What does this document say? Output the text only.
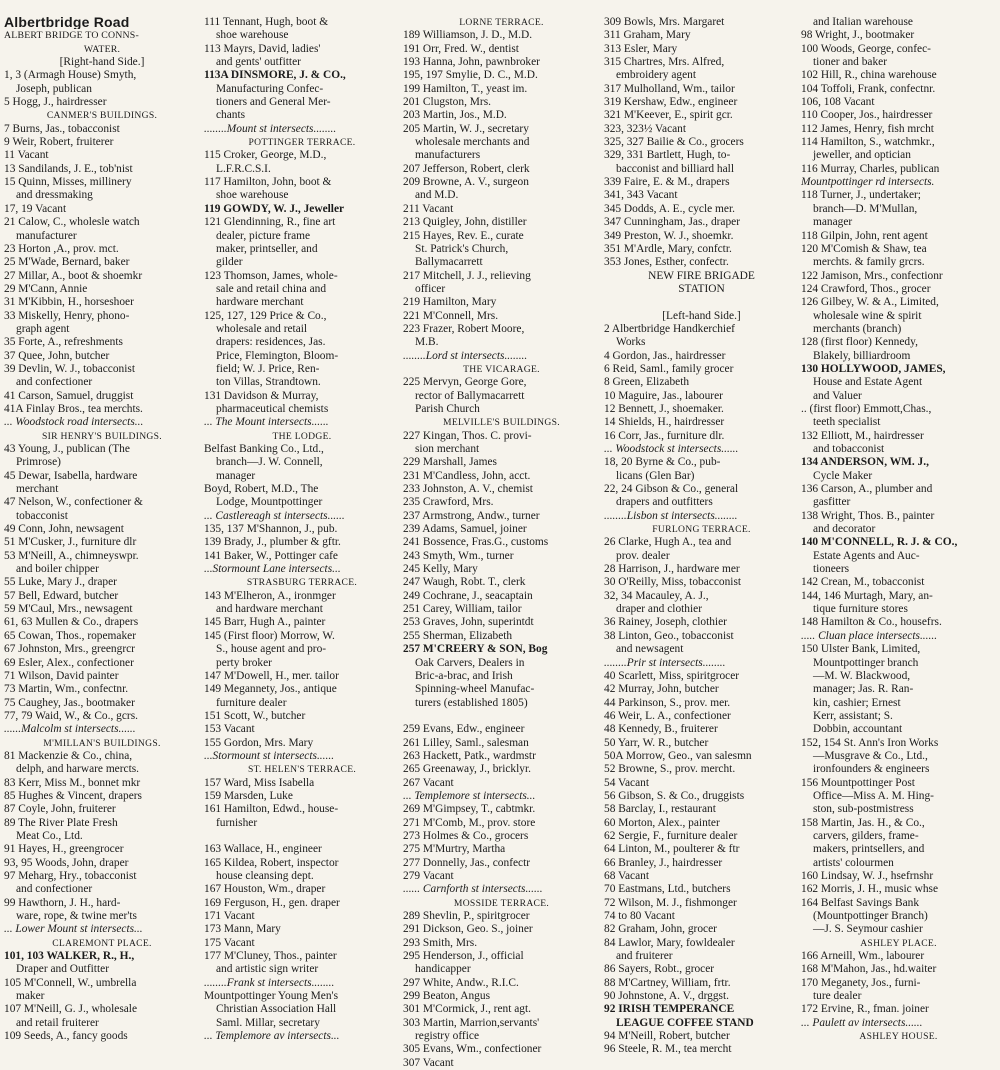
Albertbridge Road
ALBERT BRIDGE TO CONNS-
WATER.
[Right-hand Side.]
1, 3 (Armagh House) Smyth,
Joseph, publican
5 Hogg, J., hairdresser
CANMER'S BUILDINGS.
7 Burns, Jas., tobacconist
9 Weir, Robert, fruiterer
11 Vacant
13 Sandilands, J. E., tob'nist
15 Quinn, Misses, millinery
and dressmaking
17, 19 Vacant
21 Calow, C., wholesle watch
manufacturer
23 Horton ,A., prov. mct.
25 M'Wade, Bernard, baker
27 Millar, A., boot & shoemkr
29 M'Cann, Annie
31 M'Kibbin, H., horseshoer
33 Miskelly, Henry, phono-
graph agent
35 Forte, A., refreshments
37 Quee, John, butcher
39 Devlin, W. J., tobacconist
and confectioner
41 Carson, Samuel, druggist
41A Finlay Bros., tea merchts.
... Woodstock road intersects...
SIR HENRY'S BUILDINGS.
43 Young, J., publican (The
Primrose)
45 Dewar, Isabella, hardware
merchant
47 Nelson, W., confectioner &
tobacconist
49 Conn, John, newsagent
51 M'Cusker, J., furniture dlr
53 M'Neill, A., chimneyswpr.
and boiler chipper
55 Luke, Mary J., draper
57 Bell, Edward, butcher
59 M'Caul, Mrs., newsagent
61, 63 Mullen & Co., drapers
65 Cowan, Thos., ropemaker
67 Johnston, Mrs., greengrcr
69 Esler, Alex., confectioner
71 Wilson, David painter
73 Martin, Wm., confectnr.
75 Caughey, Jas., bootmaker
77, 79 Waid, W., & Co., gcrs.
......Malcolm st intersects......
M'MILLAN'S BUILDINGS.
81 Mackenzie & Co., china,
delph, and harware mercts.
83 Kerr, Miss M., bonnet mkr
85 Hughes & Vincent, drapers
87 Coyle, John, fruiterer
89 The River Plate Fresh
Meat Co., Ltd.
91 Hayes, H., greengrocer
93, 95 Woods, John, draper
97 Meharg, Hry., tobacconist
and confectioner
99 Hawthorn, J. H., hard-
ware, rope, & twine mer'ts
... Lower Mount st intersects...
CLAREMONT PLACE.
101, 103 WALKER, R., H.,
Draper and Outfitter
105 M'Connell, W., umbrella
maker
107 M'Neill, G. J., wholesale
and retail fruiterer
109 Seeds, A., fancy goods
111 Tennant, Hugh, boot &
shoe warehouse
113 Mayrs, David, ladies'
and gents' outfitter
113A DINSMORE, J. & CO.,
Manufacturing Confec-
tioners and General Mer-
chants
........Mount st intersects........
POTTINGER TERRACE.
115 Croker, George, M.D.,
L.F.R.C.S.I.
117 Hamilton, John, boot &
shoe warehouse
119 GOWDY, W. J., Jeweller
121 Glendinning, R., fine art
dealer, picture frame
maker, printseller, and
gilder
123 Thomson, James, whole-
sale and retail china and
hardware merchant
125, 127, 129 Price & Co.,
wholesale and retail
drapers: residences, Jas.
Price, Flemington, Bloom-
field; W. J. Price, Ren-
ton Villas, Strandtown.
131 Davidson & Murray,
pharmaceutical chemists
... The Mount intersects......
THE LODGE.
Belfast Banking Co., Ltd.,
branch—J. W. Connell,
manager
Boyd, Robert, M.D., The
Lodge, Mountpottinger
... Castlereagh st intersects......
135, 137 M'Shannon, J., pub.
139 Brady, J., plumber & gftr.
141 Baker, W., Pottinger cafe
...Stormount Lane intersects...
STRASBURG TERRACE.
143 M'Elheron, A., ironmger
and hardware merchant
145 Barr, Hugh A., painter
145 (First floor) Morrow, W.
S., house agent and pro-
perty broker
147 M'Dowell, H., mer. tailor
149 Megannety, Jos., antique
furniture dealer
151 Scott, W., butcher
153 Vacant
155 Gordon, Mrs. Mary
...Stormount st intersects......
ST. HELEN'S TERRACE.
157 Ward, Miss Isabella
159 Marsden, Luke
161 Hamilton, Edwd., house-
furnisher
163 Wallace, H., engineer
165 Kildea, Robert, inspector
house cleansing dept.
167 Houston, Wm., draper
169 Ferguson, H., gen. draper
171 Vacant
173 Mann, Mary
175 Vacant
177 M'Cluney, Thos., painter
and artistic sign writer
........Frank st intersects........
Mountpottinger Young Men's
Christian Association Hall
Saml. Millar, secretary
... Templemore av intersects...
LORNE TERRACE.
189 Williamson, J. D., M.D.
191 Orr, Fred. W., dentist
193 Hanna, John, pawnbroker
195, 197 Smylie, D. C., M.D.
199 Hamilton, T., yeast im.
201 Clugston, Mrs.
203 Martin, Jos., M.D.
205 Martin, W. J., secretary
wholesale merchants and
manufacturers
207 Jefferson, Robert, clerk
209 Browne, A. V., surgeon
and M.D.
211 Vacant
213 Quigley, John, distiller
215 Hayes, Rev. E., curate
St. Patrick's Church,
Ballymacarrett
217 Mitchell, J. J., relieving
officer
219 Hamilton, Mary
221 M'Connell, Mrs.
223 Frazer, Robert Moore,
M.B.
........Lord st intersects........
THE VICARAGE.
225 Mervyn, George Gore,
rector of Ballymacarrett
Parish Church
MELVILLE'S BUILDINGS.
227 Kingan, Thos. C. provi-
sion merchant
229 Marshall, James
231 M'Candless, John, acct.
233 Johnston, A. V., chemist
235 Crawford, Mrs.
237 Armstrong, Andw., turner
239 Adams, Samuel, joiner
241 Bossence, Fras.G., customs
243 Smyth, Wm., turner
245 Kelly, Mary
247 Waugh, Robt. T., clerk
249 Cochrane, J., seacaptain
251 Carey, William, tailor
253 Graves, John, superintdt
255 Sherman, Elizabeth
257 M'CREERY & SON, Bog
Oak Carvers, Dealers in
Bric-a-brac, and Irish
Spinning-wheel Manufac-
turers (established 1805)
259 Evans, Edw., engineer
261 Lilley, Saml., salesman
263 Hackett, Patk., wardmstr
265 Greenaway, J., bricklyr.
267 Vacant
... Templemore st intersects...
269 M'Gimpsey, T., cabtmkr.
271 M'Comb, M., prov. store
273 Holmes & Co., grocers
275 M'Murtry, Martha
277 Donnelly, Jas., confectr
279 Vacant
...... Carnforth st intersects......
MOSSIDE TERRACE.
289 Shevlin, P., spiritgrocer
291 Dickson, Geo. S., joiner
293 Smith, Mrs.
295 Henderson, J., official
handicapper
297 White, Andw., R.I.C.
299 Beaton, Angus
301 M'Cormick, J., rent agt.
303 Martin, Marrion,servants'
registry office
305 Evans, Wm., confectioner
307 Vacant
309 Bowls, Mrs. Margaret
311 Graham, Mary
313 Esler, Mary
315 Chartres, Mrs. Alfred,
embroidery agent
317 Mulholland, Wm., tailor
319 Kershaw, Edw., engineer
321 M'Keever, E., spirit gcr.
323, 323½ Vacant
325, 327 Bailie & Co., grocers
329, 331 Bartlett, Hugh, to-
bacconist and billiard hall
339 Faire, E. & M., drapers
341, 343 Vacant
345 Dodds, A. E., cycle mer.
347 Cunningham, Jas., draper
349 Preston, W. J., shoemkr.
351 M'Ardle, Mary, confctr.
353 Jones, Esther, confectr.
NEW FIRE BRIGADE
STATION
[Left-hand Side.]
2 Albertbridge Handkerchief
Works
4 Gordon, Jas., hairdresser
6 Reid, Saml., family grocer
8 Green, Elizabeth
10 Maguire, Jas., labourer
12 Bennett, J., shoemaker.
14 Shields, H., hairdresser
16 Corr, Jas., furniture dlr.
... Woodstock st intersects......
18, 20 Byrne & Co., pub-
licans (Glen Bar)
22, 24 Gibson & Co., general
drapers and outfitters
........Lisbon st intersects........
FURLONG TERRACE.
26 Clarke, Hugh A., tea and
prov. dealer
28 Harrison, J., hardware mer
30 O'Reilly, Miss, tobacconist
32, 34 Macauley, A. J.,
draper and clothier
36 Rainey, Joseph, clothier
38 Linton, Geo., tobacconist
and newsagent
........Prir st intersects........
40 Scarlett, Miss, spiritgrocer
42 Murray, John, butcher
44 Parkinson, S., prov. mer.
46 Weir, L. A., confectioner
48 Kennedy, B., fruiterer
50 Yarr, W. R., butcher
50A Morrow, Geo., van salesmn
52 Browne, S., prov. mercht.
54 Vacant
56 Gibson, S. & Co., druggists
58 Barclay, I., restaurant
60 Morton, Alex., painter
62 Sergie, F., furniture dealer
64 Linton, M., poulterer & ftr
66 Branley, J., hairdresser
68 Vacant
70 Eastmans, Ltd., butchers
72 Wilson, M. J., fishmonger
74 to 80 Vacant
82 Graham, John, grocer
84 Lawlor, Mary, fowldealer
and fruiterer
86 Sayers, Robt., grocer
88 M'Cartney, William, frtr.
90 Johnstone, A. V., drggst.
92 IRISH TEMPERANCE
LEAGUE COFFEE STAND
94 M'Neill, Robert, butcher
96 Steele, R. M., tea mercht
and Italian warehouse
98 Wright, J., bootmaker
100 Woods, George, confec-
tioner and baker
102 Hill, R., china warehouse
104 Toffoli, Frank, confectnr.
106, 108 Vacant
110 Cooper, Jos., hairdresser
112 James, Henry, fish mrcht
114 Hamilton, S., watchmkr.,
jeweller, and optician
116 Murray, Charles, publican
Mountpottinger rd intersects.
118 Turner, J., undertaker;
branch—D. M'Mullan,
manager
118 Gilpin, John, rent agent
120 M'Comish & Shaw, tea
merchts. & family grcrs.
122 Jamison, Mrs., confectionr
124 Crawford, Thos., grocer
126 Gilbey, W. & A., Limited,
wholesale wine & spirit
merchants (branch)
128 (first floor) Kennedy,
Blakely, billiardroom
130 HOLLYWOOD, JAMES,
House and Estate Agent
and Valuer
.. (first floor) Emmott,Chas.,
teeth specialist
132 Elliott, M., hairdresser
and tobacconist
134 ANDERSON, WM. J.,
Cycle Maker
136 Carson, A., plumber and
gasfitter
138 Wright, Thos. B., painter
and decorator
140 M'CONNELL, R. J. & CO.,
Estate Agents and Auc-
tioneers
142 Crean, M., tobacconist
144, 146 Murtagh, Mary, an-
tique furniture stores
148 Hamilton & Co., housefrs.
..... Cluan place intersects......
150 Ulster Bank, Limited,
Mountpottinger branch
—M. W. Blackwood,
manager; Jas. R. Ran-
kin, cashier; Ernest
Kerr, assistant; S.
Dobbin, accountant
152, 154 St. Ann's Iron Works
—Musgrave & Co., Ltd.,
ironfounders & engineers
156 Mountpottinger Post
Office—Miss A. M. Hing-
ston, sub-postmistress
158 Martin, Jas. H., & Co.,
carvers, gilders, frame-
makers, printsellers, and
artists' colourmen
160 Lindsay, W. J., hsefrnshr
162 Morris, J. H., music whse
164 Belfast Savings Bank
(Mountpottinger Branch)
—J. S. Seymour cashier
ASHLEY PLACE.
166 Arneill, Wm., labourer
168 M'Mahon, Jas., hd.waiter
170 Meganety, Jos., furni-
ture dealer
172 Ervine, R., fman. joiner
... Paulett av intersects......
ASHLEY HOUSE.
